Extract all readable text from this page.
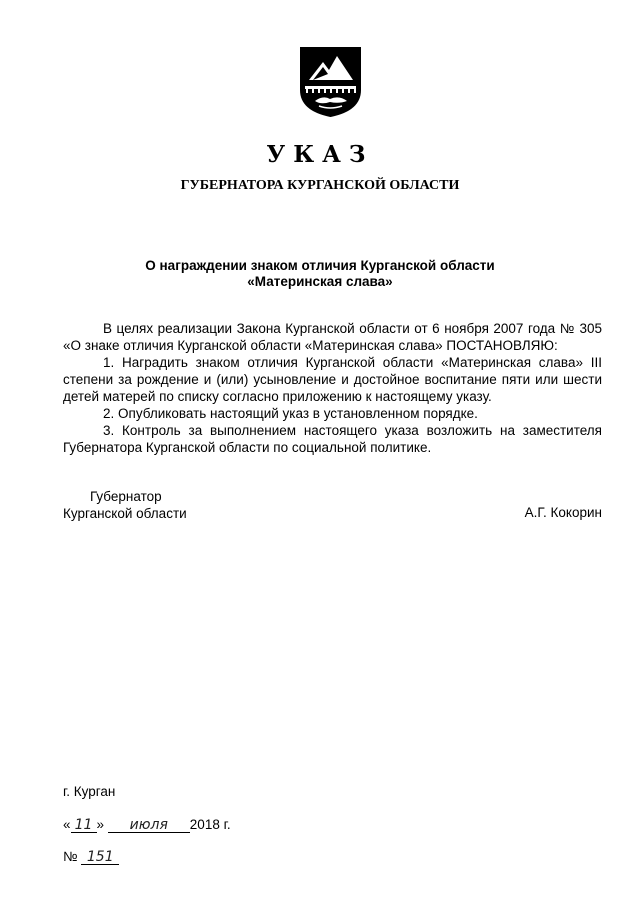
УКАЗ
ГУБЕРНАТОРА КУРГАНСКОЙ ОБЛАСТИ
О награждении знаком отличия Курганской области
«Материнская слава»

В целях реализации Закона Курганской области от 6 ноября 2007 года № 305 «О знаке отличия Курганской области «Материнская слава» ПОСТАНОВЛЯЮ:

1. Наградить знаком отличия Курганской области «Материнская слава» III степени за рождение и (или) усыновление и достойное воспитание пяти или шести детей матерей по списку согласно приложению к настоящему указу.

2. Опубликовать настоящий указ в установленном порядке.

3. Контроль за выполнением настоящего указа возложить на заместителя Губернатора Курганской области по социальной политике.

Губернатор
Курганской области	А.Г. Кокорин
г. Курган
« 11 » июля 2018 г.
№ 151
